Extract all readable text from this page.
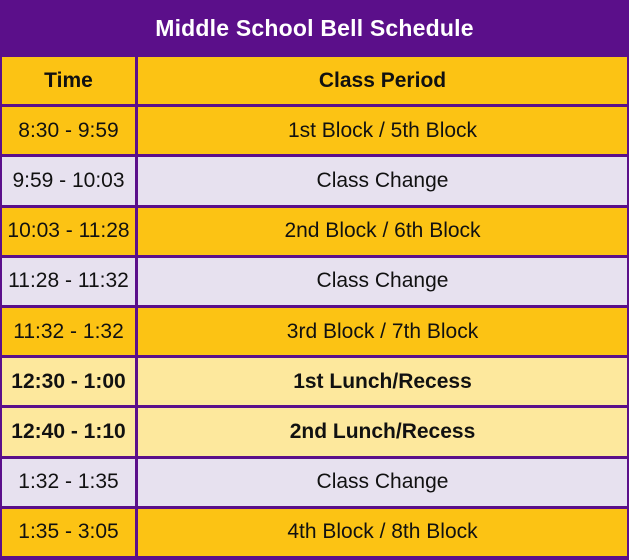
Middle School Bell Schedule
Time	Class Period
8:30 - 9:59	1st Block / 5th Block
9:59 - 10:03	Class Change
10:03 - 11:28	2nd Block / 6th Block
11:28 - 11:32	Class Change
11:32 - 1:32	3rd Block / 7th Block
12:30 - 1:00	1st Lunch/Recess
12:40 - 1:10	2nd Lunch/Recess
1:32 - 1:35	Class Change
1:35 - 3:05	4th Block / 8th Block
